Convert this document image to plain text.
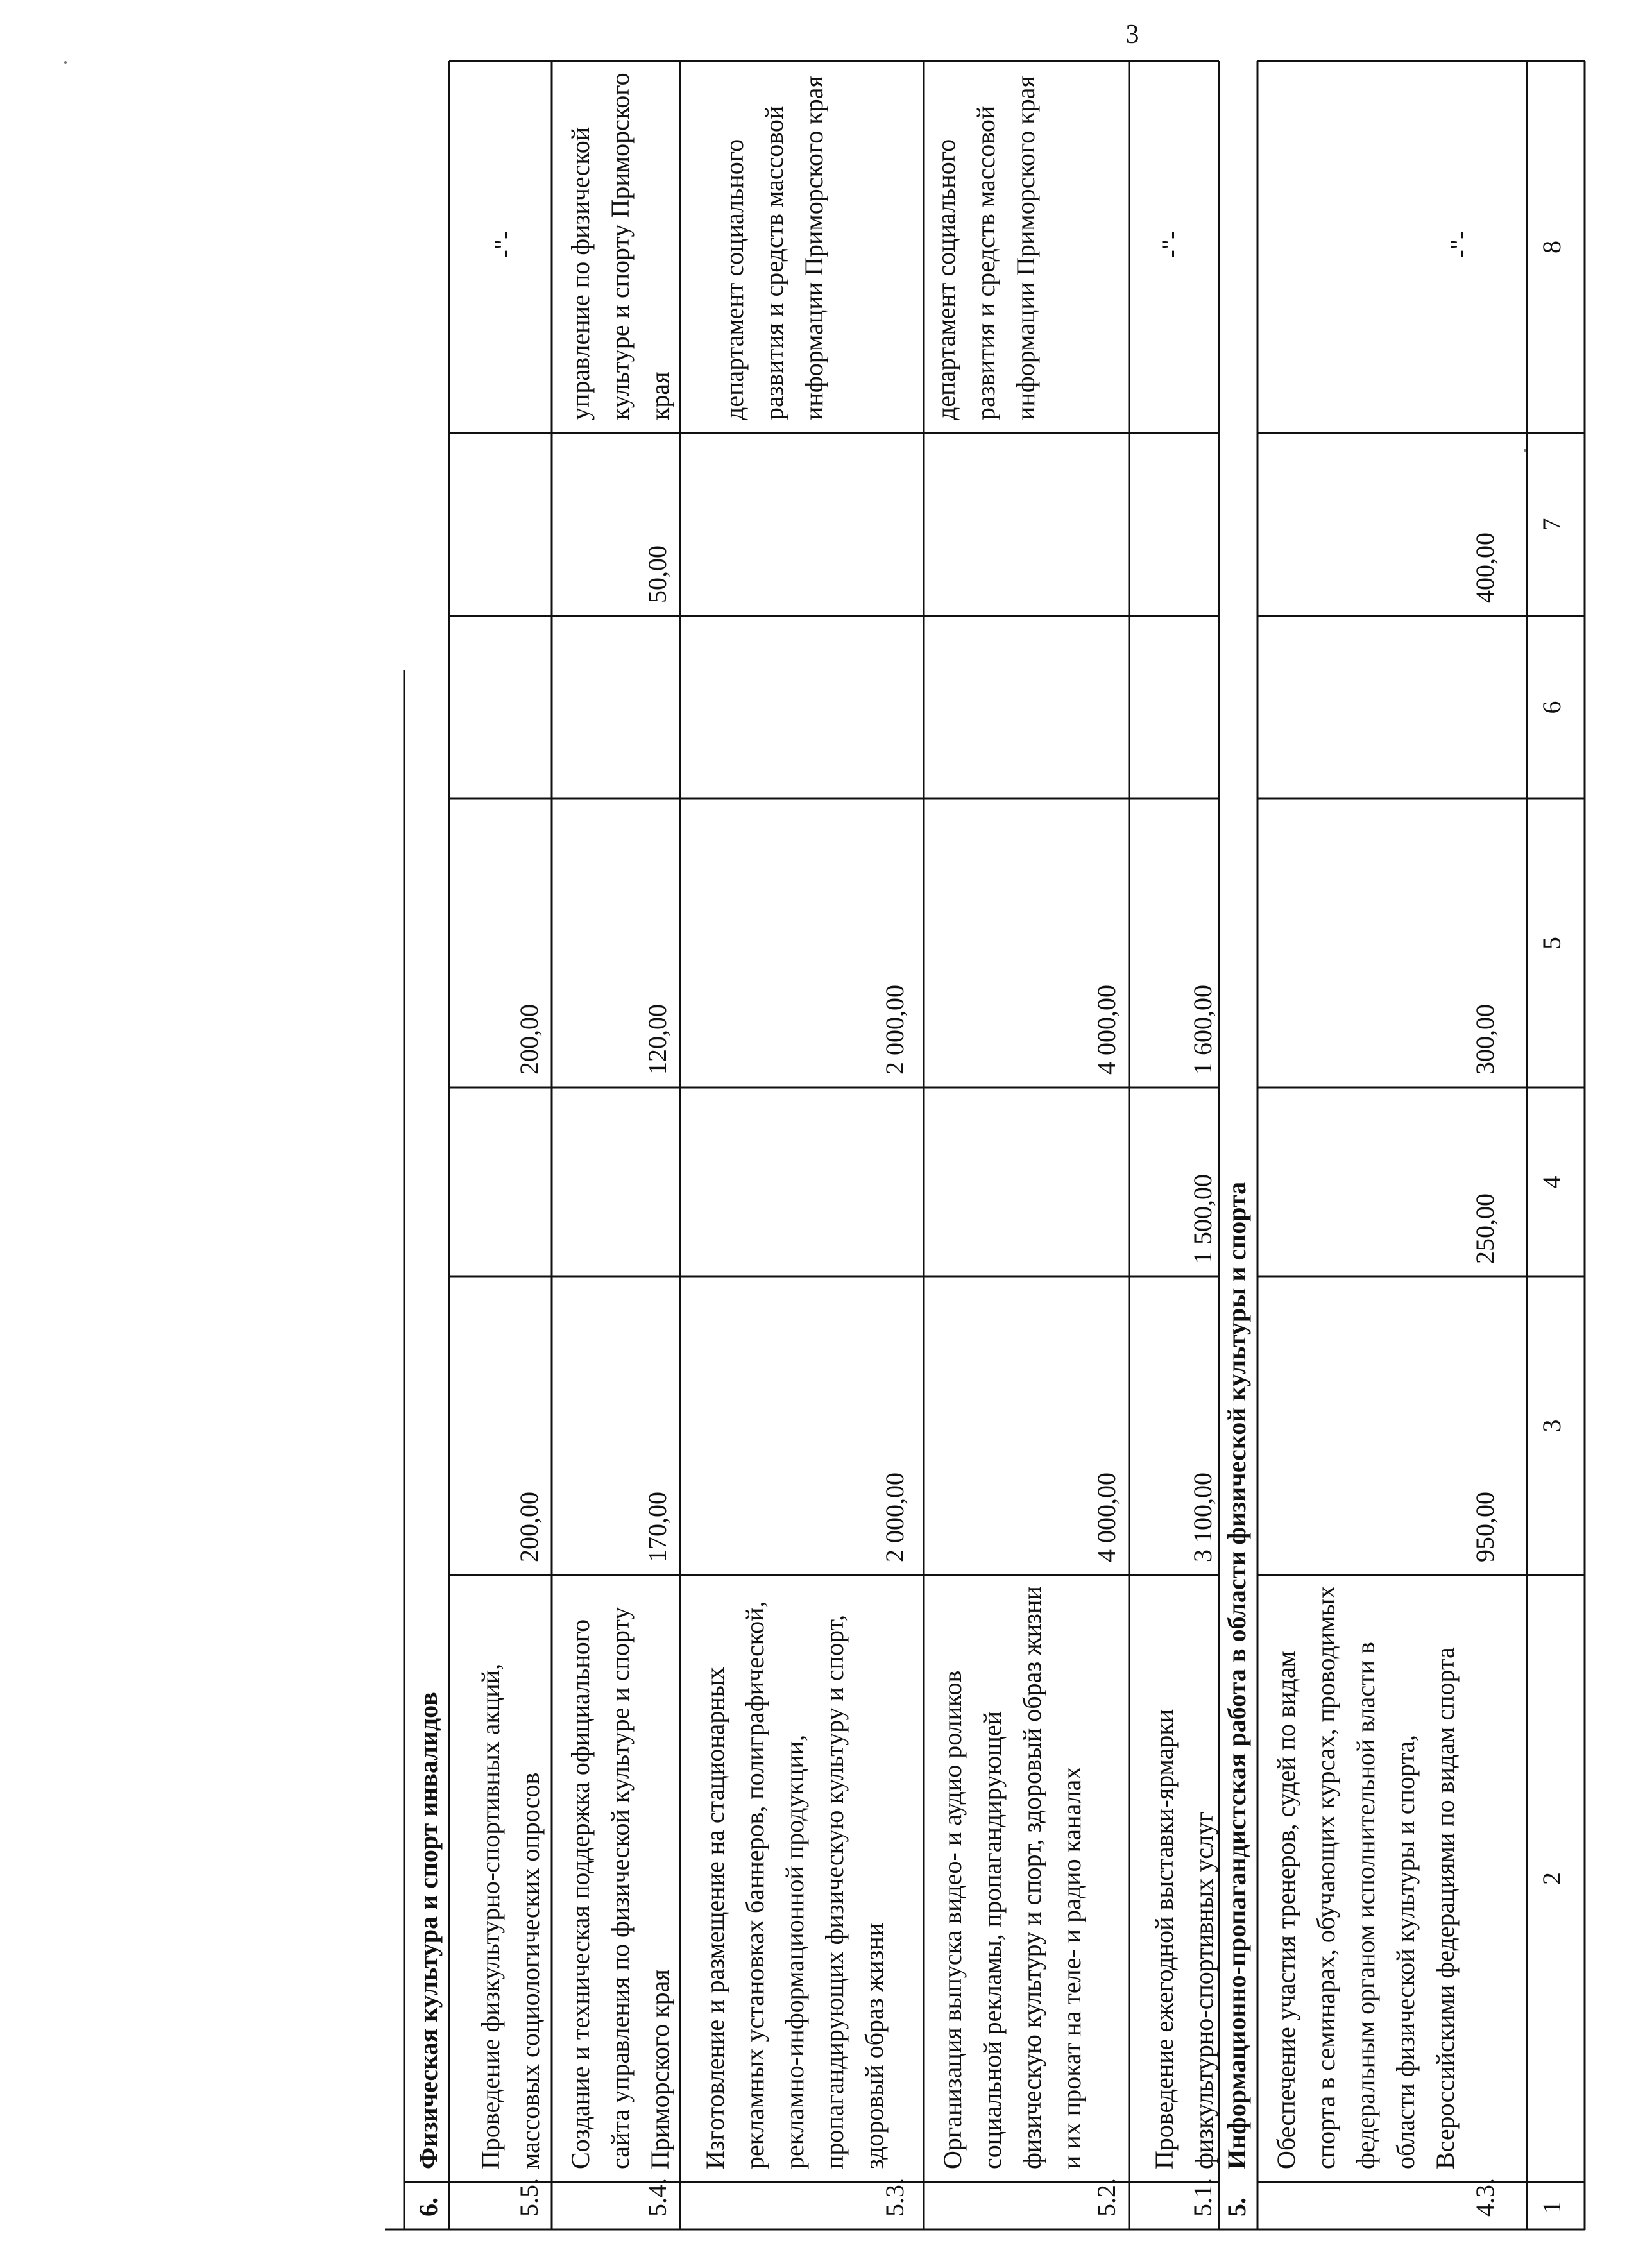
3
1
2
3
4
5
6
7
8
5.
Информационно-пропагандистская работа в области физической культуры и спорта
6.
Физическая культура и спорт инвалидов
4.3.
Обеспечение участия тренеров, судей по видам спорта в семинарах, обучающих курсах, проводимых федеральным органом исполнительной власти в области физической культуры и спорта, Всероссийскими федерациями по видам спорта
950,00
250,00
300,00
400,00
-"-
5.1.
Проведение ежегодной выставки-ярмарки физкультурно-спортивных услуг
3 100,00
1 500,00
1 600,00
-"-
5.2.
Организация выпуска видео- и аудио роликов социальной рекламы, пропагандирующей физическую культуру и спорт, здоровый образ жизни и их прокат на теле- и радио каналах
4 000,00
4 000,00
департамент социального развития и средств массовой информации Приморского края
5.3.
Изготовление и размещение на стационарных рекламных установках баннеров, полиграфической, рекламно-информационной продукции, пропагандирующих физическую культуру и спорт, здоровый образ жизни
2 000,00
2 000,00
департамент социального развития и средств массовой информации Приморского края
5.4.
Создание и техническая поддержка официального сайта управления по физической культуре и спорту Приморского края
170,00
120,00
50,00
управление по физической культуре и спорту Приморского края
5.5.
Проведение физкультурно-спортивных акций, массовых социологических опросов
200,00
200,00
-"-
